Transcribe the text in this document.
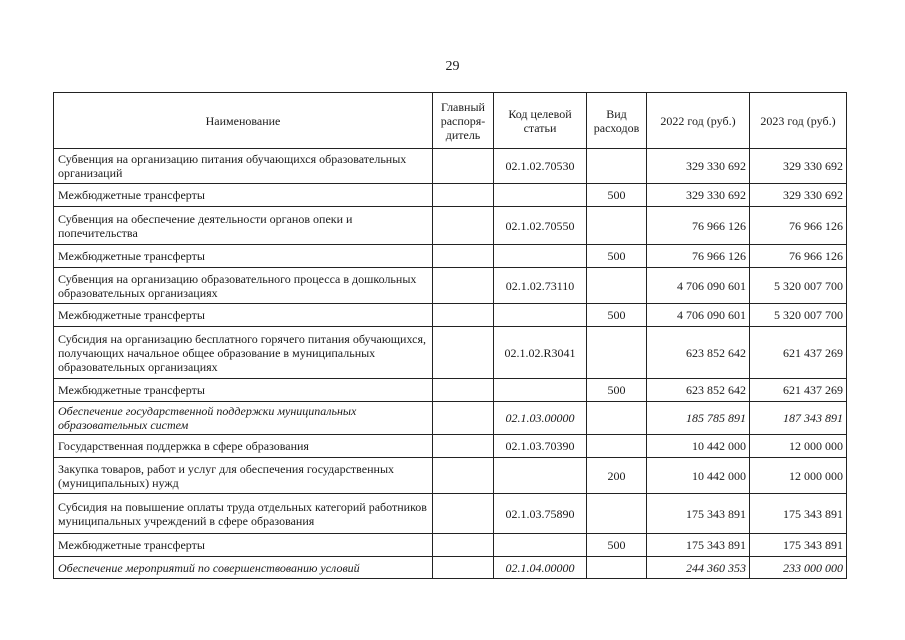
29
Наименование	Главный распоря-дитель	Код целевой статьи	Вид расходов	2022 год (руб.)	2023 год (руб.)
Субвенция на организацию питания обучающихся образовательных организаций		02.1.02.70530		329 330 692	329 330 692
Межбюджетные трансферты			500	329 330 692	329 330 692
Субвенция на обеспечение деятельности органов опеки и попечительства		02.1.02.70550		76 966 126	76 966 126
Межбюджетные трансферты			500	76 966 126	76 966 126
Субвенция на организацию образовательного процесса в дошкольных образовательных организациях		02.1.02.73110		4 706 090 601	5 320 007 700
Межбюджетные трансферты			500	4 706 090 601	5 320 007 700
Субсидия на организацию бесплатного горячего питания обучающихся, получающих начальное общее образование в муниципальных образовательных организациях		02.1.02.R3041		623 852 642	621 437 269
Межбюджетные трансферты			500	623 852 642	621 437 269
Обеспечение государственной поддержки муниципальных образовательных систем		02.1.03.00000		185 785 891	187 343 891
Государственная поддержка в сфере образования		02.1.03.70390		10 442 000	12 000 000
Закупка товаров, работ и услуг для обеспечения государственных (муниципальных) нужд			200	10 442 000	12 000 000
Субсидия на повышение оплаты труда отдельных категорий работников муниципальных учреждений в сфере образования		02.1.03.75890		175 343 891	175 343 891
Межбюджетные трансферты			500	175 343 891	175 343 891
Обеспечение мероприятий по совершенствованию условий		02.1.04.00000		244 360 353	233 000 000
